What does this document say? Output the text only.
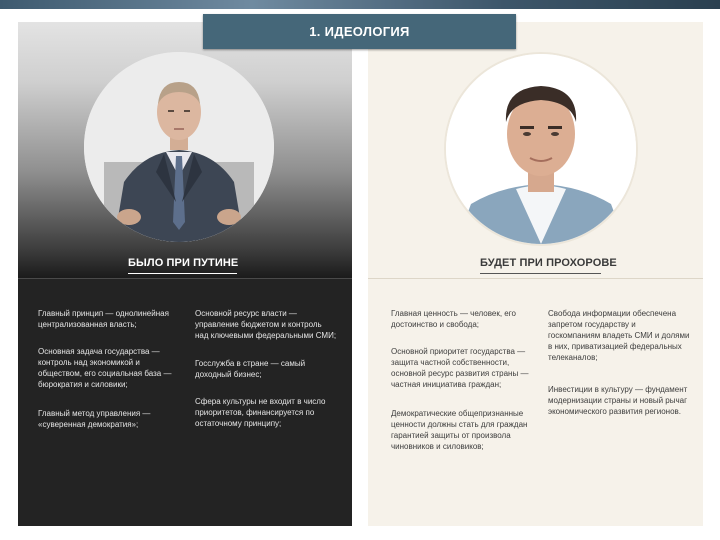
1. ИДЕОЛОГИЯ
БЫЛО ПРИ ПУТИНЕ	БУДЕТ ПРИ ПРОХОРОВЕ
Главный принцип — однолинейная централизованная власть;
Основная задача государства — контроль над экономикой и обществом, его социальная база — бюрократия и силовики;
Главный метод управления — «суверенная демократия»;
Основной ресурс власти — управление бюджетом и контроль над ключевыми федеральными СМИ;
Госслужба в стране — самый доходный бизнес;
Сфера культуры не входит в число приоритетов, финансируется по остаточному принципу;
Главная ценность — человек, его достоинство и свобода;
Основной приоритет государства — защита частной собственности, основной ресурс развития страны — частная инициатива граждан;
Демократические общепризнанные ценности должны стать для граждан гарантией защиты от произвола чиновников и силовиков;
Свобода информации обеспечена запретом государству и госкомпаниям владеть СМИ и долями в них, приватизацией федеральных телеканалов;
Инвестиции в культуру — фундамент модернизации страны и новый рычаг экономического развития регионов.
